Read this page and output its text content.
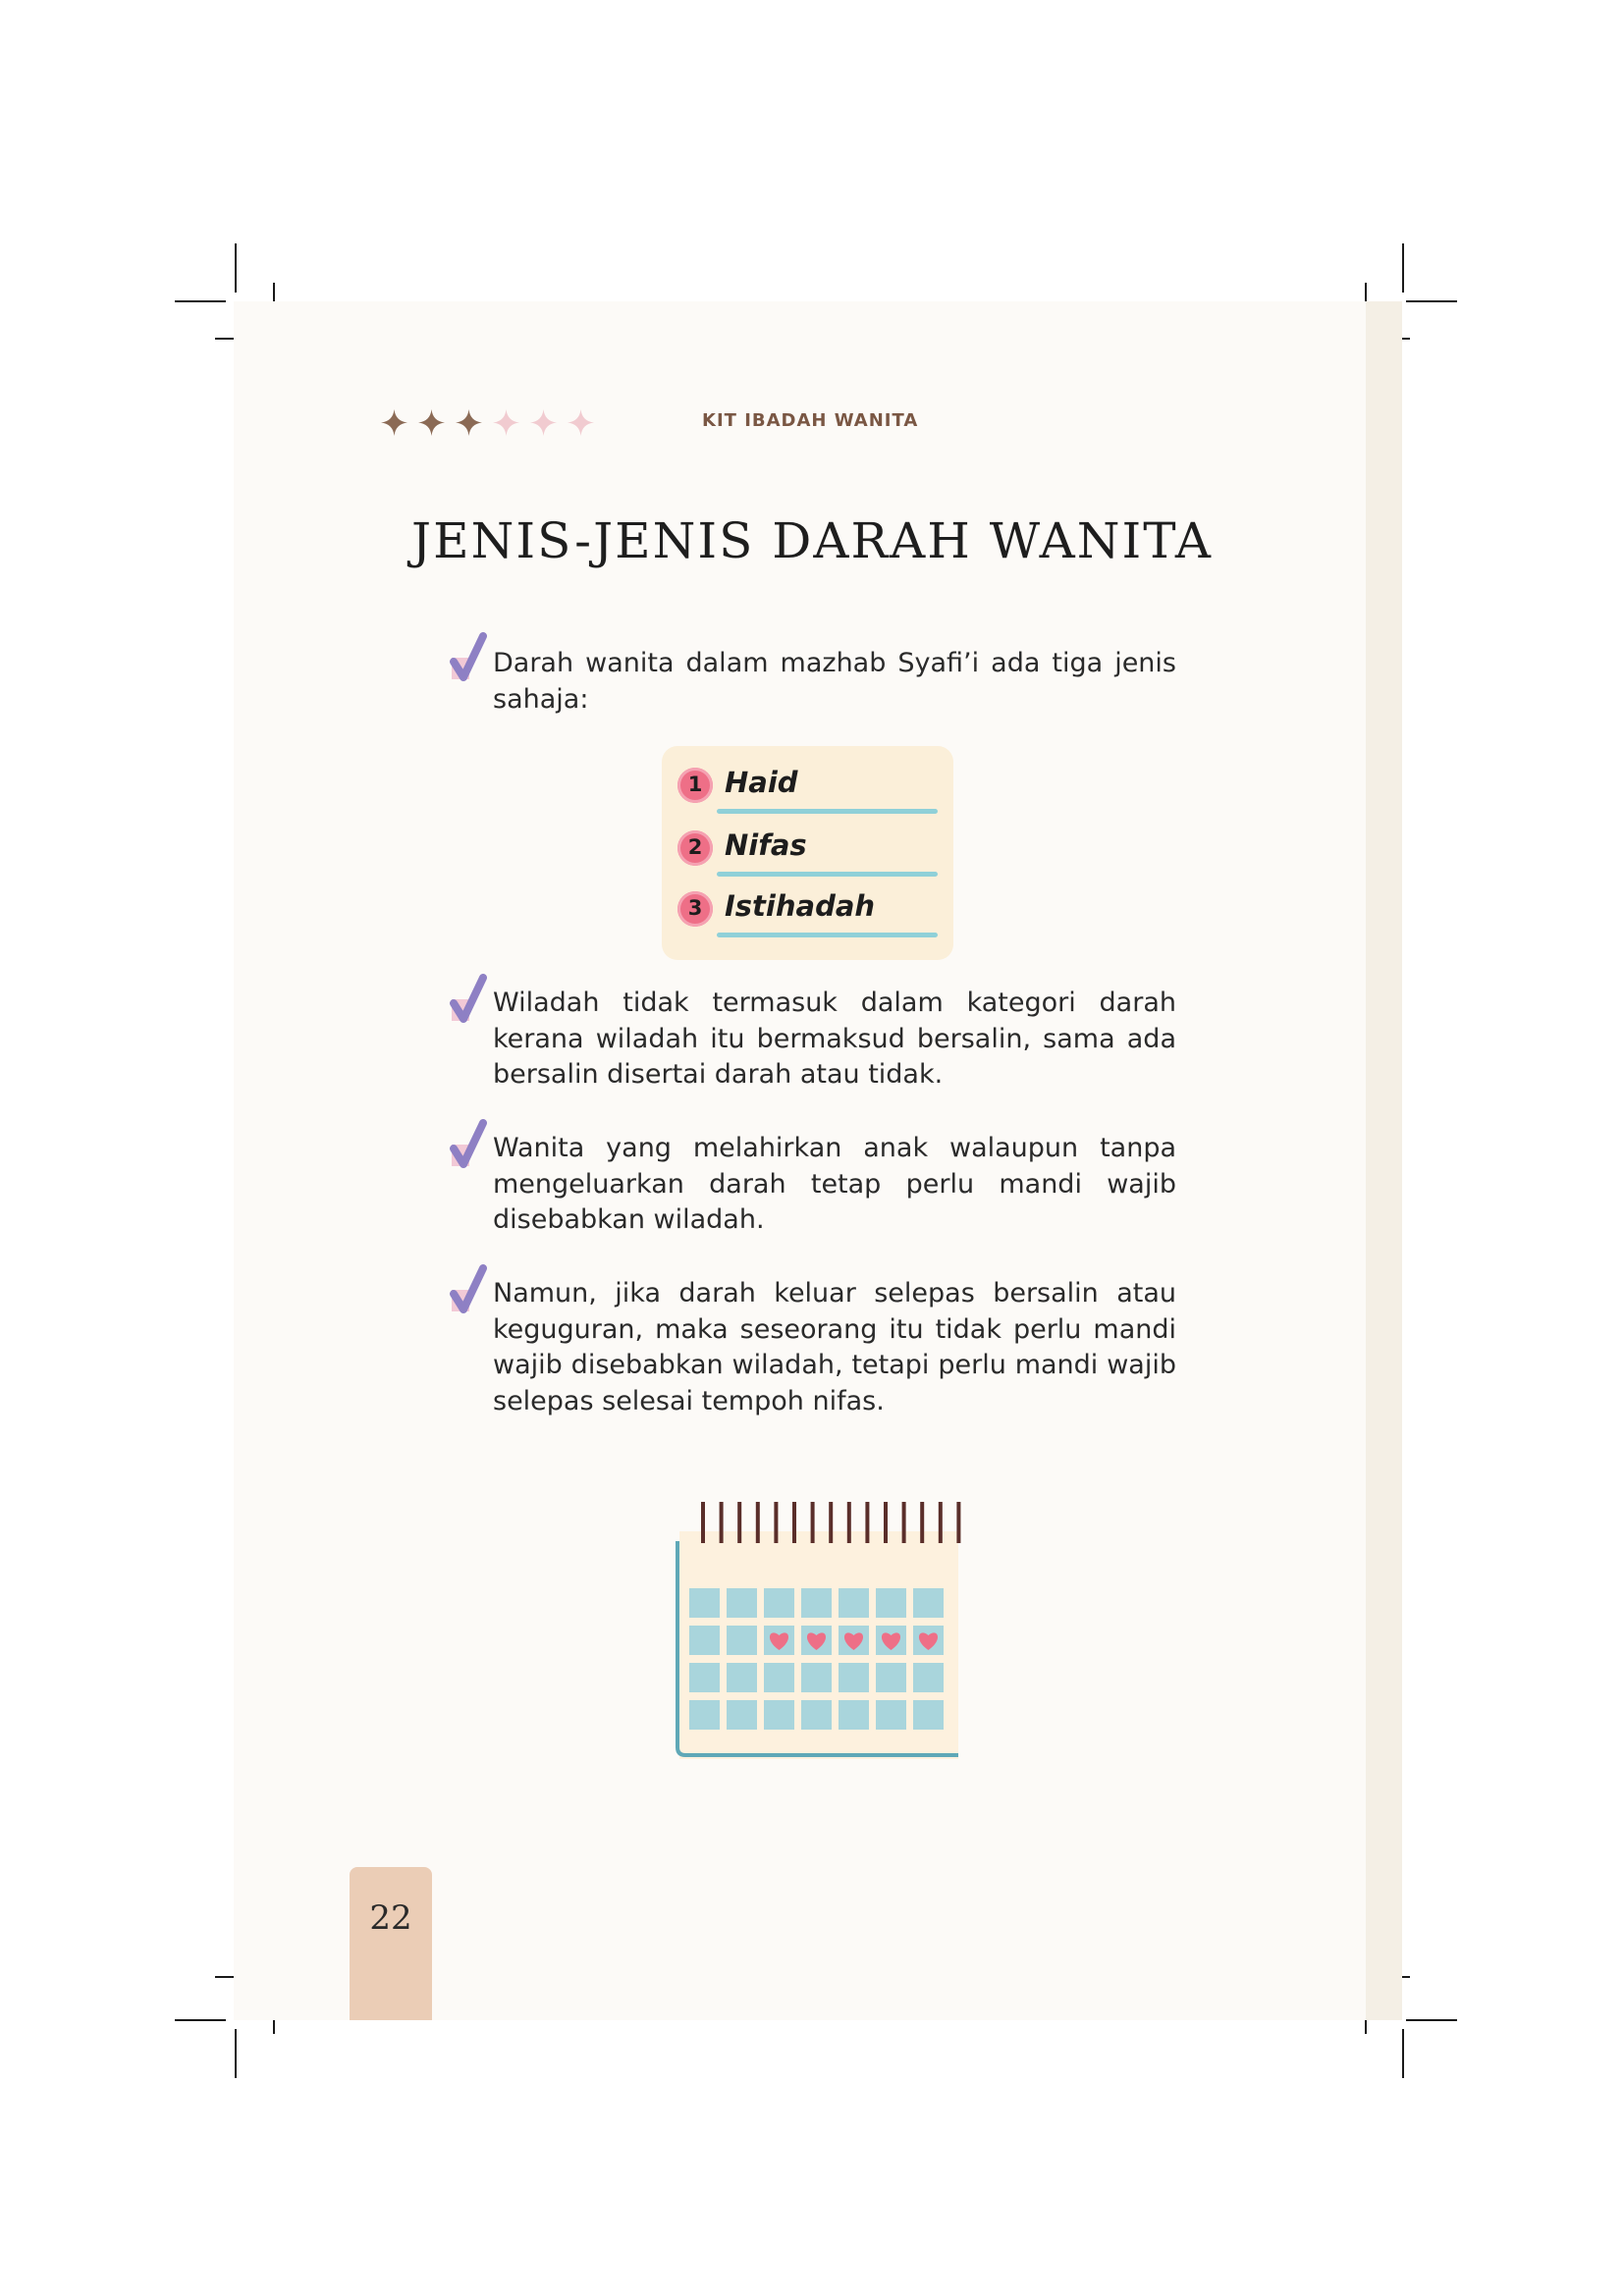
KIT IBADAH WANITA
JENIS-JENIS DARAH WANITA
Darah wanita dalam mazhab Syafi’i ada tiga jenis sahaja:
1 Haid
2 Nifas
3 Istihadah
Wiladah tidak termasuk dalam kategori darah kerana wiladah itu bermaksud bersalin, sama ada bersalin disertai darah atau tidak.
Wanita yang melahirkan anak walaupun tanpa mengeluarkan darah tetap perlu mandi wajib disebabkan wiladah.
Namun, jika darah keluar selepas bersalin atau keguguran, maka seseorang itu tidak perlu mandi wajib disebabkan wiladah, tetapi perlu mandi wajib selepas selesai tempoh nifas.
22
